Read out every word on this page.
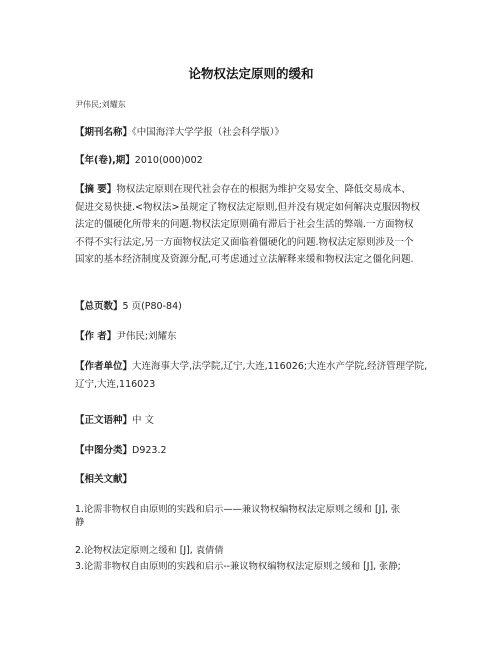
论物权法定原则的缓和
尹伟民;刘耀东
【期刊名称】《中国海洋大学学报（社会科学版）》
【年(卷),期】2010(000)002
【摘 要】物权法定原则在现代社会存在的根据为维护交易安全、降低交易成本、
促进交易快捷.<物权法>虽规定了物权法定原则,但并没有规定如何解决克服因物权
法定的僵硬化所带来的问题.物权法定原则确有滞后于社会生活的弊端.一方面物权
不得不实行法定,另一方面物权法定又面临着僵硬化的问题.物权法定原则涉及一个
国家的基本经济制度及资源分配,可考虑通过立法解释来缓和物权法定之僵化问题.
【总页数】5 页(P80-84)
【作 者】尹伟民;刘耀东
【作者单位】大连海事大学,法学院,辽宁,大连,116026;大连水产学院,经济管理学院,
辽宁,大连,116023
【正文语种】中 文
【中图分类】D923.2
【相关文献】
1.论需非物权自由原则的实践和启示——兼议物权编物权法定原则之缓和 [J], 张
静
2.论物权法定原则之缓和 [J], 袁倩倩
3.论需非物权自由原则的实践和启示--兼议物权编物权法定原则之缓和 [J], 张静;
